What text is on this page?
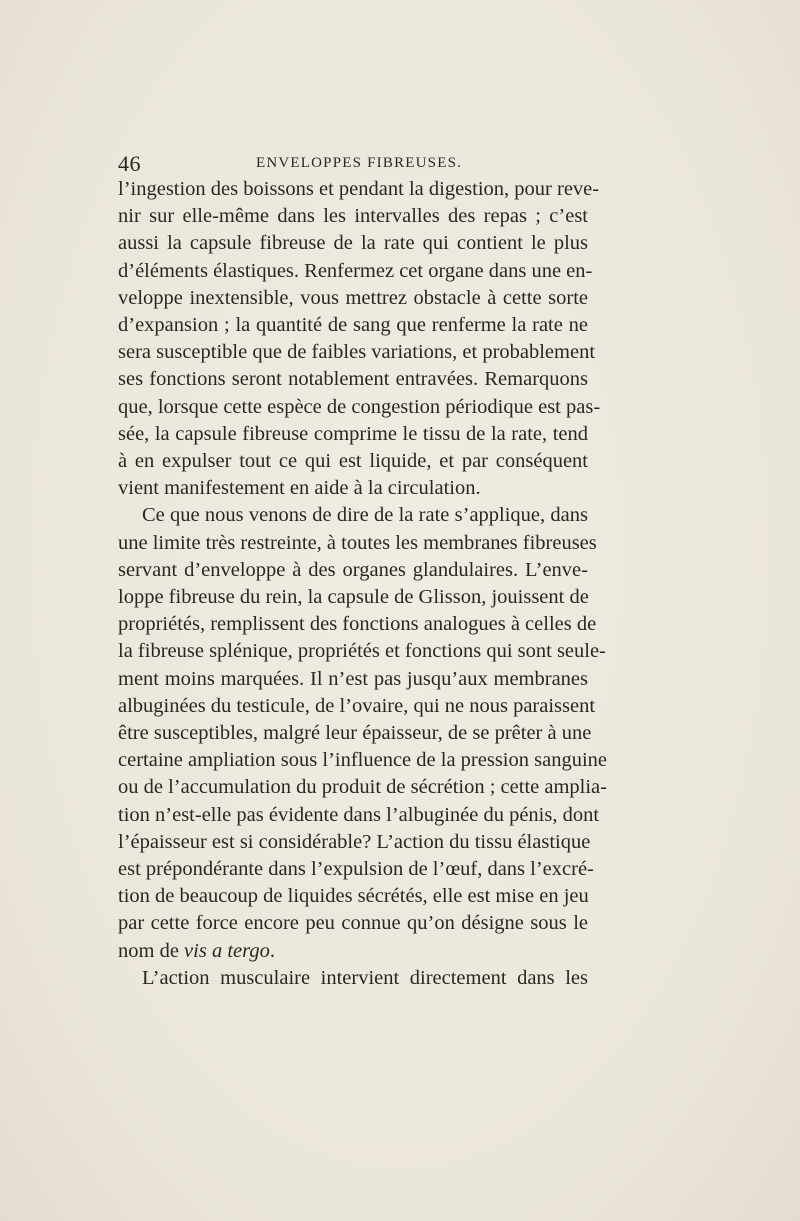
46	ENVELOPPES FIBREUSES.

l’ingestion des boissons et pendant la digestion, pour reve-

nir sur elle-même dans les intervalles des repas ; c’est

aussi la capsule fibreuse de la rate qui contient le plus

d’éléments élastiques. Renfermez cet organe dans une en-

veloppe inextensible, vous mettrez obstacle à cette sorte

d’expansion ; la quantité de sang que renferme la rate ne

sera susceptible que de faibles variations, et probablement

ses fonctions seront notablement entravées. Remarquons

que, lorsque cette espèce de congestion périodique est pas-

sée, la capsule fibreuse comprime le tissu de la rate, tend

à en expulser tout ce qui est liquide, et par conséquent

vient manifestement en aide à la circulation.

Ce que nous venons de dire de la rate s’applique, dans

une limite très restreinte, à toutes les membranes fibreuses

servant d’enveloppe à des organes glandulaires. L’enve-

loppe fibreuse du rein, la capsule de Glisson, jouissent de

propriétés, remplissent des fonctions analogues à celles de

la fibreuse splénique, propriétés et fonctions qui sont seule-

ment moins marquées. Il n’est pas jusqu’aux membranes

albuginées du testicule, de l’ovaire, qui ne nous paraissent

être susceptibles, malgré leur épaisseur, de se prêter à une

certaine ampliation sous l’influence de la pression sanguine

ou de l’accumulation du produit de sécrétion ; cette amplia-

tion n’est-elle pas évidente dans l’albuginée du pénis, dont

l’épaisseur est si considérable? L’action du tissu élastique

est prépondérante dans l’expulsion de l’œuf, dans l’excré-

tion de beaucoup de liquides sécrétés, elle est mise en jeu

par cette force encore peu connue qu’on désigne sous le

nom de vis a tergo.

L’action musculaire intervient directement dans les
